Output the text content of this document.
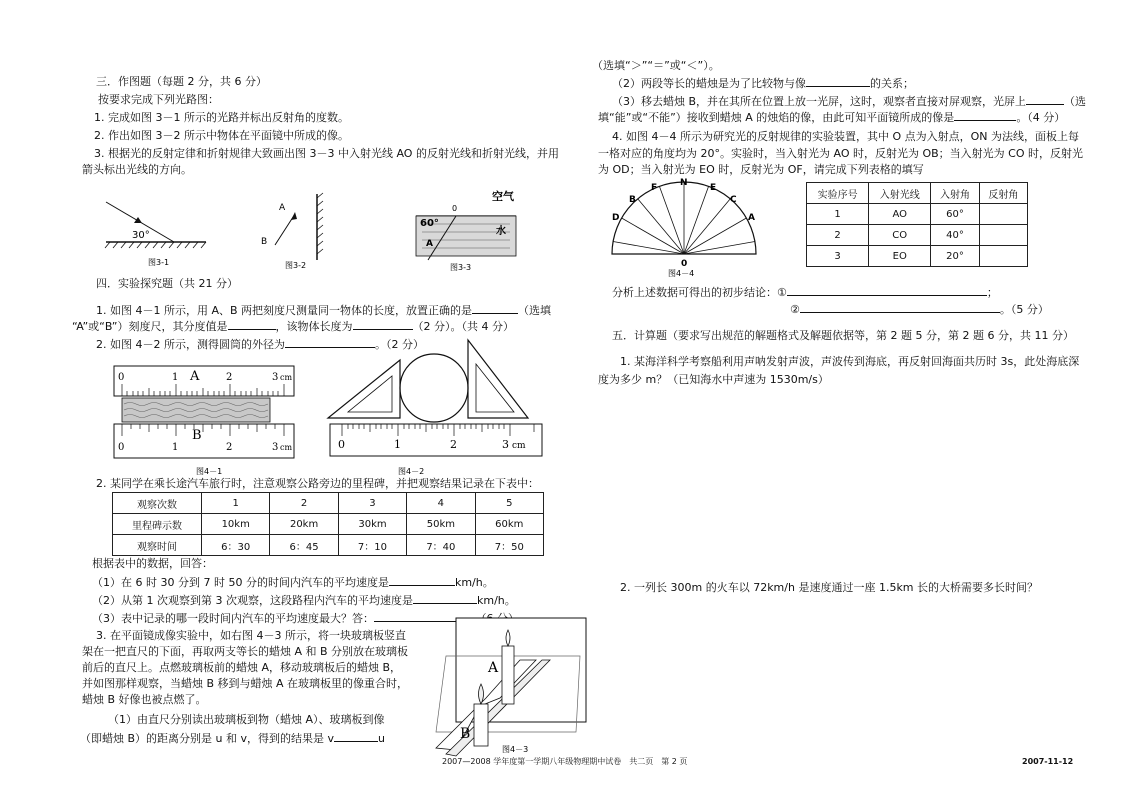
三．作图题（每题 2 分，共 6 分）
按要求完成下列光路图：
1. 完成如图 3－1 所示的光路并标出反射角的度数。
2. 作出如图 3－2 所示中物体在平面镜中所成的像。
3. 根据光的反射定律和折射规律大致画出图 3－3 中入射光线 AO 的反射光线和折射光线，并用
箭头标出光线的方向。
30°
图3-1
A
B
图3-2
空气
0
60°
A
水
图3-3
四．实验探究题（共 21 分）
1. 如图 4－1 所示，用 A、B 两把刻度尺测量同一物体的长度，放置正确的是	（选填
“A”或“B”）刻度尺，其分度值是	，该物体长度为	（2 分）。（共 4 分）
2. 如图 4－2 所示，测得圆筒的外径为	。（2 分）
0	1	2	3 cm
A
B
0	1	2	3 cm
图4－1
0	1	2	3 cm
图4－2
2. 某同学在乘长途汽车旅行时，注意观察公路旁边的里程碑，并把观察结果记录在下表中：
观察次数	1	2	3	4	5
里程碑示数	10km	20km	30km	50km	60km
观察时间	6：30	6：45	7：10	7：40	7：50
根据表中的数据，回答：
（1）在 6 时 30 分到 7 时 50 分的时间内汽车的平均速度是	km/h。
（2）从第 1 次观察到第 3 次观察，这段路程内汽车的平均速度是	km/h。
（3）表中记录的哪一段时间内汽车的平均速度最大？答：
3. 在平面镜成像实验中，如右图 4－3 所示，将一块玻璃板竖直
架在一把直尺的下面，再取两支等长的蜡烛 A 和 B 分别放在玻璃板
前后的直尺上。点燃玻璃板前的蜡烛 A，移动玻璃板后的蜡烛 B，
并如图那样观察，当蜡烛 B 移到与蜡烛 A 在玻璃板里的像重合时，
蜡烛 B 好像也被点燃了。
（1）由直尺分别读出玻璃板到物（蜡烛 A）、玻璃板到像
（即蜡烛 B）的距离分别是 u 和 v，得到的结果是 v	u
A
B
图4－3
（选填“＞”“＝”或“＜”）。
（2）两段等长的蜡烛是为了比较物与像	的关系；
（3）移去蜡烛 B，并在其所在位置上放一光屏，这时，观察者直接对屏观察，光屏上	（选
填“能”或“不能”）接收到蜡烛 A 的烛焰的像，由此可知平面镜所成的像是	。（4 分）
4. 如图 4－4 所示为研究光的反射规律的实验装置，其中 O 点为入射点，ON 为法线，面板上每
一格对应的角度均为 20°。实验时，当入射光为 AO 时，反射光为 OB；当入射光为 CO 时，反射光
为 OD；当入射光为 EO 时，反射光为 OF，请完成下列表格的填写
B
D
F	N E
C
A
0
图4－4
实验序号	入射光线	入射角	反射角
1	AO	60°	
2	CO	40°	
3	EO	20°	
分析上述数据可得出的初步结论：①	；
②	。（5 分）
五．计算题（要求写出规范的解题格式及解题依据等，第 2 题 5 分，第 2 题 6 分，共 11 分）
1. 某海洋科学考察船利用声呐发射声波，声波传到海底，再反射回海面共历时 3s，此处海底深
度为多少 m？（已知海水中声速为 1530m/s）
2. 一列长 300m 的火车以 72km/h 是速度通过一座 1.5km 长的大桥需要多长时间？
2007—2008 学年度第一学期八年级物理期中试卷　共二页　第 2 页	2007-11-12
